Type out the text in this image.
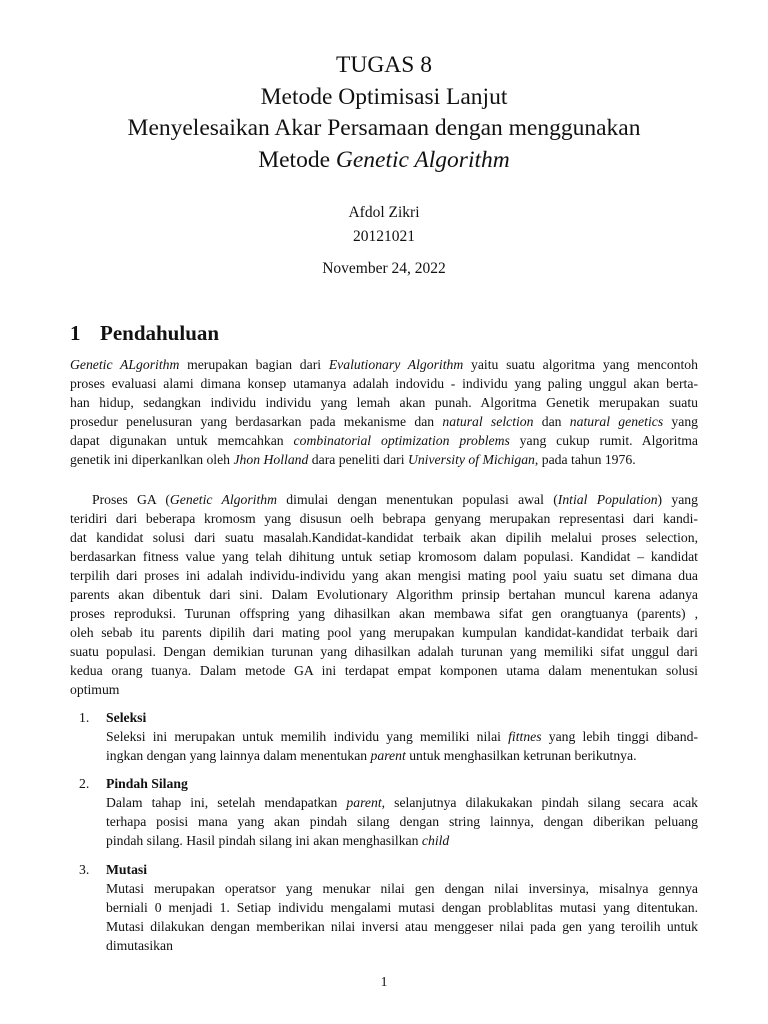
TUGAS 8
Metode Optimisasi Lanjut
Menyelesaikan Akar Persamaan dengan menggunakan
Metode Genetic Algorithm
Afdol Zikri
20121021
November 24, 2022
1 Pendahuluan
Genetic ALgorithm merupakan bagian dari Evalutionary Algorithm yaitu suatu algoritma yang mencontoh
proses evaluasi alami dimana konsep utamanya adalah indovidu - individu yang paling unggul akan berta-
han hidup, sedangkan individu individu yang lemah akan punah. Algoritma Genetik merupakan suatu
prosedur penelusuran yang berdasarkan pada mekanisme dan natural selction dan natural genetics yang
dapat digunakan untuk memcahkan combinatorial optimization problems yang cukup rumit. Algoritma
genetik ini diperkanlkan oleh Jhon Holland dara peneliti dari University of Michigan, pada tahun 1976.
Proses GA (Genetic Algorithm dimulai dengan menentukan populasi awal (Intial Population) yang
teridiri dari beberapa kromosm yang disusun oelh bebrapa genyang merupakan representasi dari kandi-
dat kandidat solusi dari suatu masalah.Kandidat-kandidat terbaik akan dipilih melalui proses selection,
berdasarkan fitness value yang telah dihitung untuk setiap kromosom dalam populasi. Kandidat – kandidat
terpilih dari proses ini adalah individu-individu yang akan mengisi mating pool yaiu suatu set dimana dua
parents akan dibentuk dari sini. Dalam Evolutionary Algorithm prinsip bertahan muncul karena adanya
proses reproduksi. Turunan offspring yang dihasilkan akan membawa sifat gen orangtuanya (parents) ,
oleh sebab itu parents dipilih dari mating pool yang merupakan kumpulan kandidat-kandidat terbaik dari
suatu populasi. Dengan demikian turunan yang dihasilkan adalah turunan yang memiliki sifat unggul dari
kedua orang tuanya. Dalam metode GA ini terdapat empat komponen utama dalam menentukan solusi
optimum
1.	Seleksi
Seleksi ini merupakan untuk memilih individu yang memiliki nilai fittnes yang lebih tinggi diband-
ingkan dengan yang lainnya dalam menentukan parent untuk menghasilkan ketrunan berikutnya.
2.	Pindah Silang
Dalam tahap ini, setelah mendapatkan parent, selanjutnya dilakukakan pindah silang secara acak
terhapa posisi mana yang akan pindah silang dengan string lainnya, dengan diberikan peluang
pindah silang. Hasil pindah silang ini akan menghasilkan child
3.	Mutasi
Mutasi merupakan operatsor yang menukar nilai gen dengan nilai inversinya, misalnya gennya
berniali 0 menjadi 1. Setiap individu mengalami mutasi dengan problablitas mutasi yang ditentukan.
Mutasi dilakukan dengan memberikan nilai inversi atau menggeser nilai pada gen yang teroilih untuk
dimutasikan
1
